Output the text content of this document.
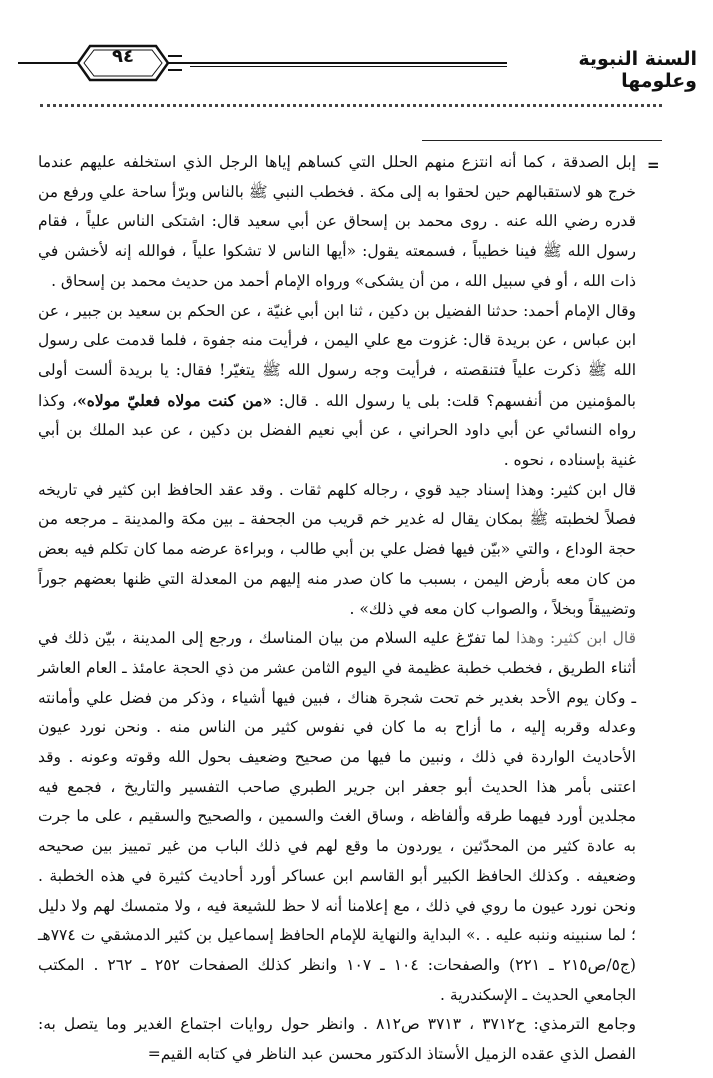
٩٤	السنة النبوية وعلومها
=

إبل الصدقة ، كما أنه انتزع منهم الحلل التي كساهم إياها الرجل الذي استخلفه عليهم عندما خرج هو لاستقبالهم حين لحقوا به إلى مكة . فخطب النبي ﷺ بالناس وبرّأ ساحة علي ورفع من قدره رضي الله عنه . روى محمد بن إسحاق عن أبي سعيد قال: اشتكى الناس علياً ، فقام رسول الله ﷺ فينا خطيباً ، فسمعته يقول: «أيها الناس لا تشكوا علياً ، فوالله إنه لأخشن في ذات الله ، أو في سبيل الله ، من أن يشكى» ورواه الإمام أحمد من حديث محمد بن إسحاق .

وقال الإمام أحمد: حدثنا الفضيل بن دكين ، ثنا ابن أبي غنيّة ، عن الحكم بن سعيد بن جبير ، عن ابن عباس ، عن بريدة قال: غزوت مع علي اليمن ، فرأيت منه جفوة ، فلما قدمت على رسول الله ﷺ ذكرت علياً فتنقصته ، فرأيت وجه رسول الله ﷺ يتغيّر! فقال: يا بريدة ألست أولى بالمؤمنين من أنفسهم؟ قلت: بلى يا رسول الله . قال: «من كنت مولاه فعليّ مولاه»، وكذا رواه النسائي عن أبي داود الحراني ، عن أبي نعيم الفضل بن دكين ، عن عبد الملك بن أبي غنية بإسناده ، نحوه .

قال ابن كثير: وهذا إسناد جيد قوي ، رجاله كلهم ثقات . وقد عقد الحافظ ابن كثير في تاريخه فصلاً لخطبته ﷺ بمكان يقال له غدير خم قريب من الجحفة ـ بين مكة والمدينة ـ مرجعه من حجة الوداع ، والتي «بيّن فيها فضل علي بن أبي طالب ، وبراءة عرضه مما كان تكلم فيه بعض من كان معه بأرض اليمن ، بسبب ما كان صدر منه إليهم من المعدلة التي ظنها بعضهم جوراً وتضييقاً وبخلاً ، والصواب كان معه في ذلك» .

قال ابن كثير: وهذا لما تفرّغ عليه السلام من بيان المناسك ، ورجع إلى المدينة ، بيّن ذلك في أثناء الطريق ، فخطب خطبة عظيمة في اليوم الثامن عشر من ذي الحجة عامئذ ـ العام العاشر ـ وكان يوم الأحد بغدير خم تحت شجرة هناك ، فبين فيها أشياء ، وذكر من فضل علي وأمانته وعدله وقربه إليه ، ما أزاح به ما كان في نفوس كثير من الناس منه . ونحن نورد عيون الأحاديث الواردة في ذلك ، ونبين ما فيها من صحيح وضعيف بحول الله وقوته وعونه . وقد اعتنى بأمر هذا الحديث أبو جعفر ابن جرير الطبري صاحب التفسير والتاريخ ، فجمع فيه مجلدين أورد فيهما طرقه وألفاظه ، وساق الغث والسمين ، والصحيح والسقيم ، على ما جرت به عادة كثير من المحدّثين ، يوردون ما وقع لهم في ذلك الباب من غير تمييز بين صحيحه وضعيفه . وكذلك الحافظ الكبير أبو القاسم ابن عساكر أورد أحاديث كثيرة في هذه الخطبة . ونحن نورد عيون ما روي في ذلك ، مع إعلامنا أنه لا حظ للشيعة فيه ، ولا متمسك لهم ولا دليل ؛ لما سنبينه وننبه عليه . .» البداية والنهاية للإمام الحافظ إسماعيل بن كثير الدمشقي ت ٧٧٤هـ (ج٥/ص٢١٥ ـ ٢٢١) والصفحات: ١٠٤ ـ ١٠٧ وانظر كذلك الصفحات ٢٥٢ ـ ٢٦٢ . المكتب الجامعي الحديث ـ الإسكندرية .

وجامع الترمذي: ح٣٧١٢ ، ٣٧١٣ ص٨١٢ . وانظر حول روايات اجتماع الغدير وما يتصل به: الفصل الذي عقده الزميل الأستاذ الدكتور محسن عبد الناظر في كتابه القيم=
